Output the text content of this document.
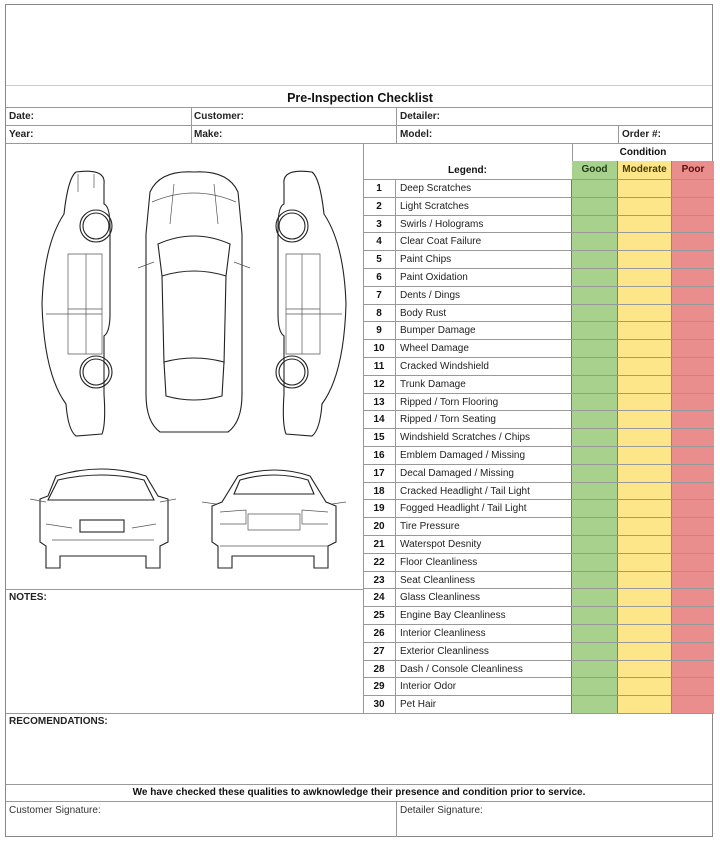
Pre-Inspection Checklist
Date:	Customer:	Detailer:
Year:	Make:	Model:	Order #:
Condition
Legend:	Good	Moderate	Poor
1	Deep Scratches
2	Light Scratches
3	Swirls / Holograms
4	Clear Coat Failure
5	Paint Chips
6	Paint Oxidation
7	Dents / Dings
8	Body Rust
9	Bumper Damage
10	Wheel Damage
11	Cracked Windshield
12	Trunk Damage
13	Ripped / Torn Flooring
14	Ripped / Torn Seating
15	Windshield Scratches / Chips
16	Emblem Damaged / Missing
17	Decal Damaged / Missing
18	Cracked Headlight / Tail Light
19	Fogged Headlight / Tail Light
20	Tire Pressure
21	Waterspot Desnity
22	Floor Cleanliness
23	Seat Cleanliness
24	Glass Cleanliness
25	Engine Bay Cleanliness
26	Interior Cleanliness
27	Exterior Cleanliness
28	Dash / Console Cleanliness
29	Interior Odor
30	Pet Hair
NOTES:
RECOMENDATIONS:
We have checked these qualities to awknowledge their presence and condition prior to service.
Customer Signature:	Detailer Signature:
